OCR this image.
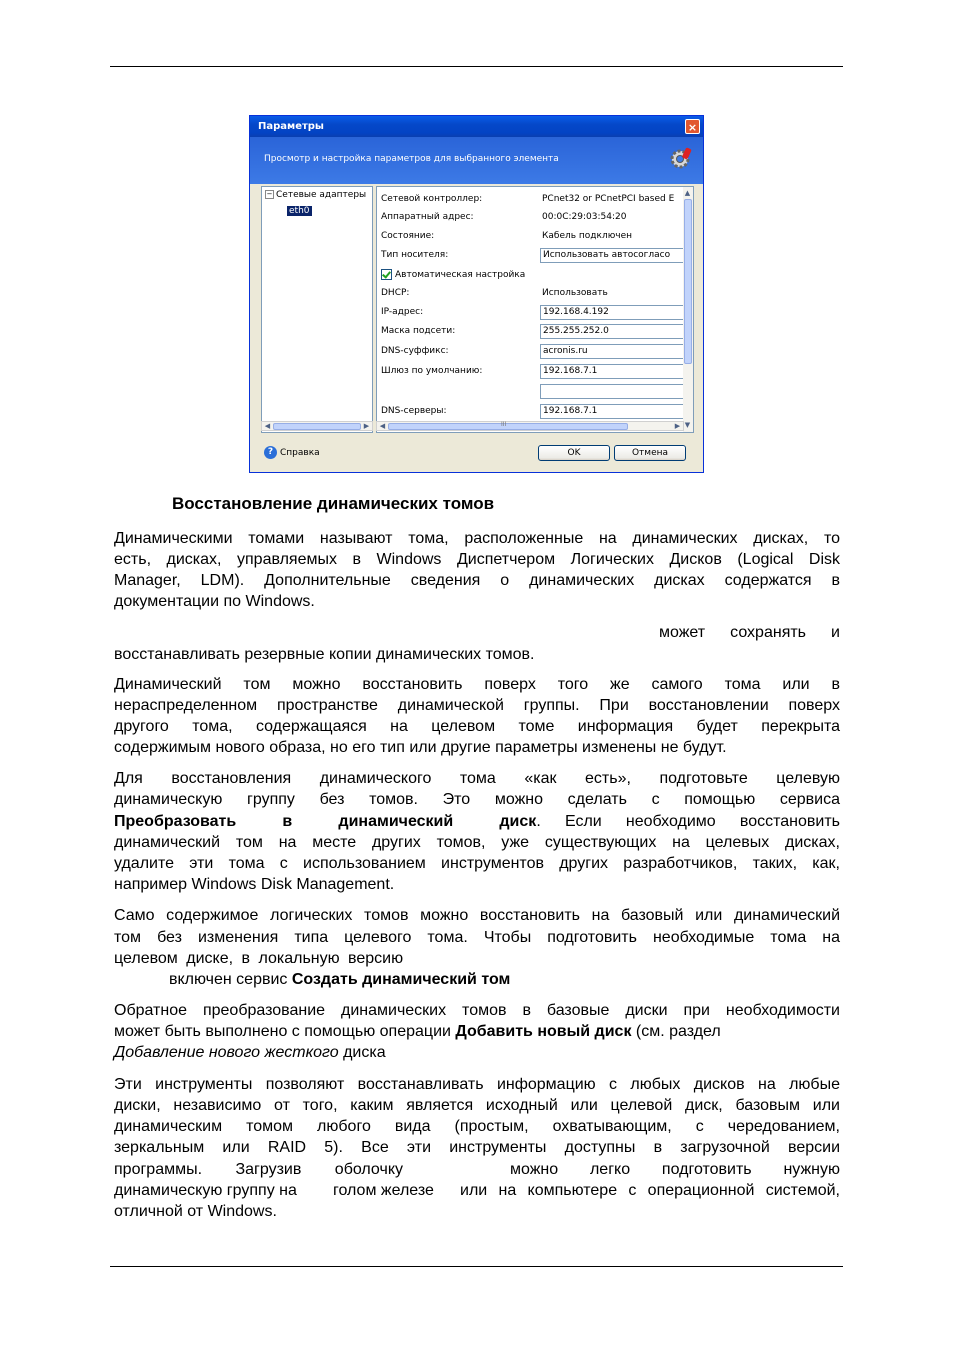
Параметры	×
Просмотр и настройка параметров для выбранного элемента
− Сетевые адаптеры
eth0
Сетевой контроллер:	PCnet32 or PCnetPCI based E
Аппаратный адрес:	00:0C:29:03:54:20
Состояние:	Кабель подключен
Тип носителя:	Использовать автосогласо
Автоматическая настройка
DHCP:	Использовать
IP-адрес:	192.168.4.192
Маска подсети:	255.255.252.0
DNS-суффикс:	acronis.ru
Шлюз по умолчанию:	192.168.7.1
DNS-серверы:	192.168.7.1
▲
▼
◀	▶ ◀	III	▶
? Справка	OK	Отмена
Восстановление динамических томов

Динамическими томами называют тома, расположенные на динамических дисках, то

есть, дисках, управляемых в Windows Диспетчером Логических Дисков (Logical Disk

Manager, LDM). Дополнительные сведения о динамических дисках содержатся в

документации по Windows.

может сохранять и

восстанавливать резервные копии динамических томов.

Динамический том можно восстановить поверх того же самого тома или в

нераспределенном пространстве динамической группы. При восстановлении поверх

другого тома, содержащаяся на целевом томе информация будет перекрыта

содержимым нового образа, но его тип или другие параметры изменены не будут.

Для восстановления динамического тома «как есть», подготовьте целевую

динамическую группу без томов. Это можно сделать с помощью сервиса

Преобразовать в динамический диск. Если необходимо восстановить

динамический том на месте других томов, уже существующих на целевых дисках,

удалите эти тома с использованием инструментов других разработчиков, таких, как,

например Windows Disk Management.

Само содержимое логических томов можно восстановить на базовый или динамический

том без изменения типа целевого тома. Чтобы подготовить необходимые тома на

целевом диске, в локальную версию

включен сервис Создать динамический том

Обратное преобразование динамических томов в базовые диски при необходимости

может быть выполнено с помощью операции Добавить новый диск (см. раздел

Добавление нового жесткого диска

Эти инструменты позволяют восстанавливать информацию с любых дисков на любые

диски, независимо от того, каким является исходный или целевой диск, базовым или

динамическим томом любого вида (простым, охватывающим, с чередованием,

зеркальным или RAID 5). Все эти инструменты доступны в загрузочной версии

программы. Загрузив оболочку	можно легко подготовить нужную

динамическую группу на	голом железе	или на компьютере с операционной системой,

отличной от Windows.
